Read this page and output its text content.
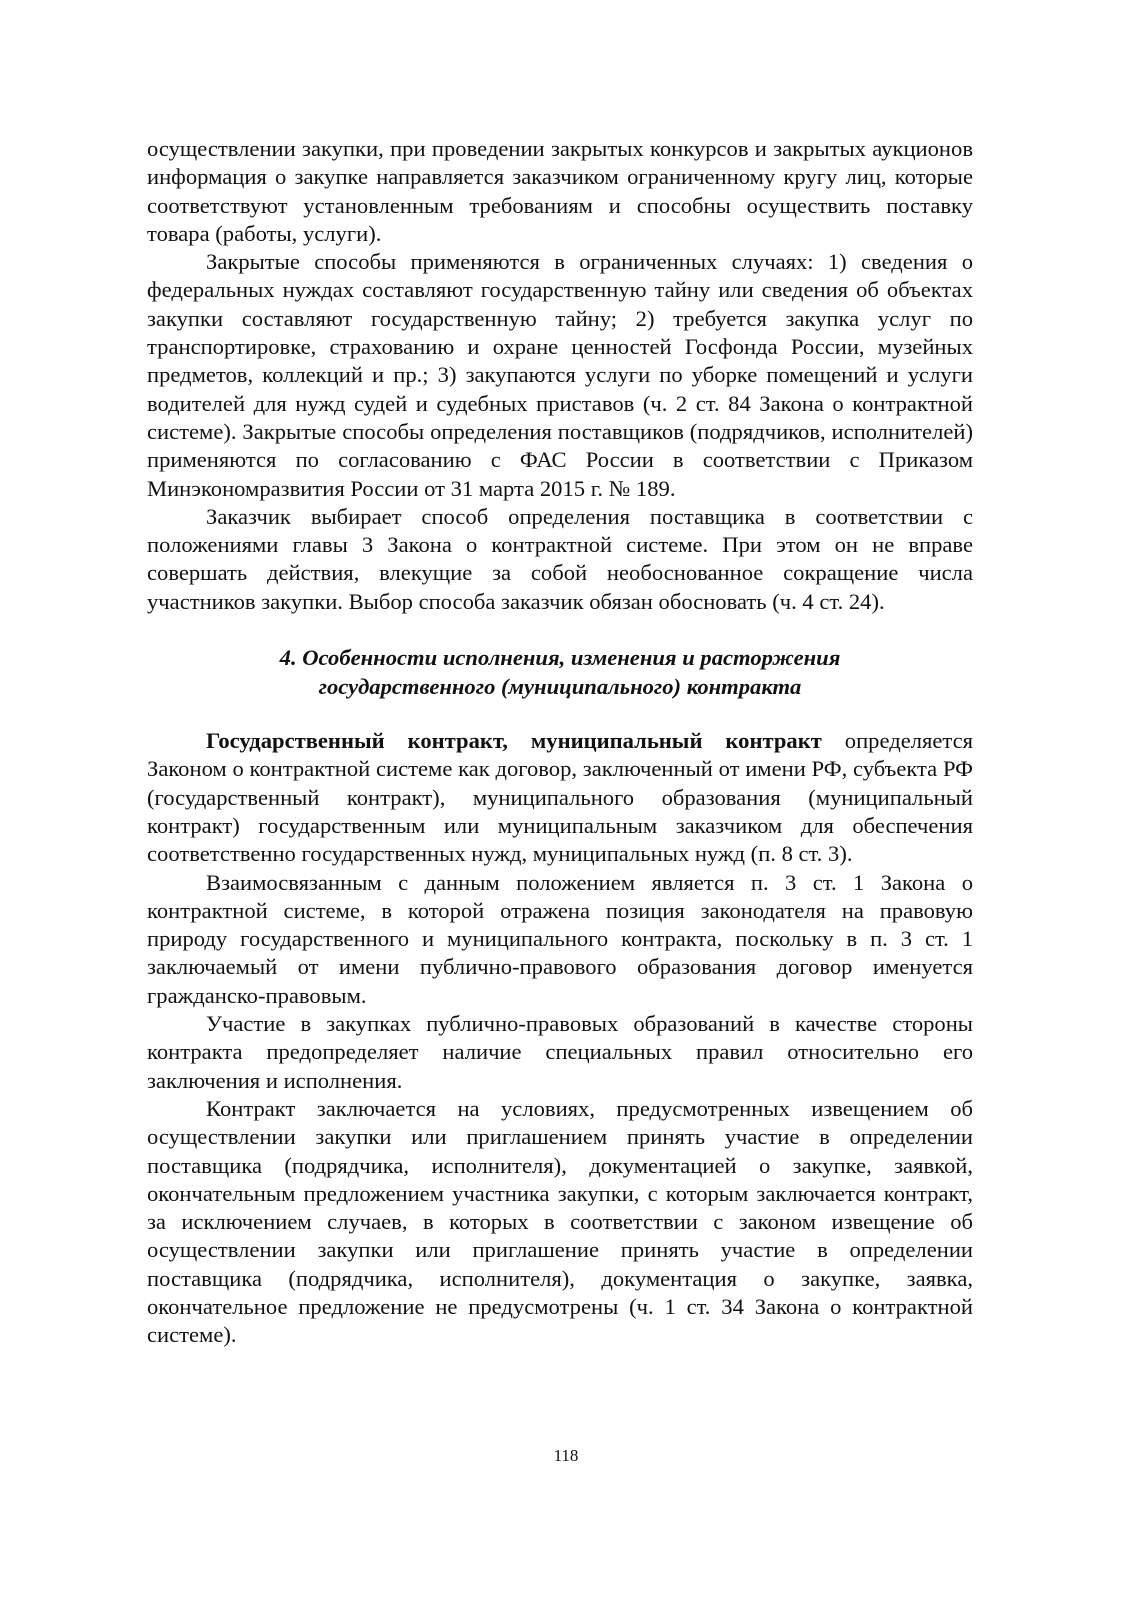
осуществлении закупки, при проведении закрытых конкурсов и закрытых аукционов информация о закупке направляется заказчиком ограниченному кругу лиц, которые соответствуют установленным требованиям и способны осуществить поставку товара (работы, услуги).

Закрытые способы применяются в ограниченных случаях: 1) сведения о федеральных нуждах составляют государственную тайну или сведения об объектах закупки составляют государственную тайну; 2) требуется закупка услуг по транспортировке, страхованию и охране ценностей Госфонда России, музейных предметов, коллекций и пр.; 3) закупаются услуги по уборке помещений и услуги водителей для нужд судей и судебных приставов (ч. 2 ст. 84 Закона о контрактной системе). Закрытые способы определения поставщиков (подрядчиков, исполнителей) применяются по согласованию с ФАС России в соответствии с Приказом Минэкономразвития России от 31 марта 2015 г. № 189.

Заказчик выбирает способ определения поставщика в соответствии с положениями главы 3 Закона о контрактной системе. При этом он не вправе совершать действия, влекущие за собой необоснованное сокращение числа участников закупки. Выбор способа заказчик обязан обосновать (ч. 4 ст. 24).

4. Особенности исполнения, изменения и расторжения
государственного (муниципального) контракта

Государственный контракт, муниципальный контракт определяется Законом о контрактной системе как договор, заключенный от имени РФ, субъекта РФ (государственный контракт), муниципального образования (муниципальный контракт) государственным или муниципальным заказчиком для обеспечения соответственно государственных нужд, муниципальных нужд (п. 8 ст. 3).

Взаимосвязанным с данным положением является п. 3 ст. 1 Закона о контрактной системе, в которой отражена позиция законодателя на правовую природу государственного и муниципального контракта, поскольку в п. 3 ст. 1 заключаемый от имени публично-правового образования договор именуется гражданско-правовым.

Участие в закупках публично-правовых образований в качестве стороны контракта предопределяет наличие специальных правил относительно его заключения и исполнения.

Контракт заключается на условиях, предусмотренных извещением об осуществлении закупки или приглашением принять участие в определении поставщика (подрядчика, исполнителя), документацией о закупке, заявкой, окончательным предложением участника закупки, с которым заключается контракт, за исключением случаев, в которых в соответствии с законом извещение об осуществлении закупки или приглашение принять участие в определении поставщика (подрядчика, исполнителя), документация о закупке, заявка, окончательное предложение не предусмотрены (ч. 1 ст. 34 Закона о контрактной системе).

118
